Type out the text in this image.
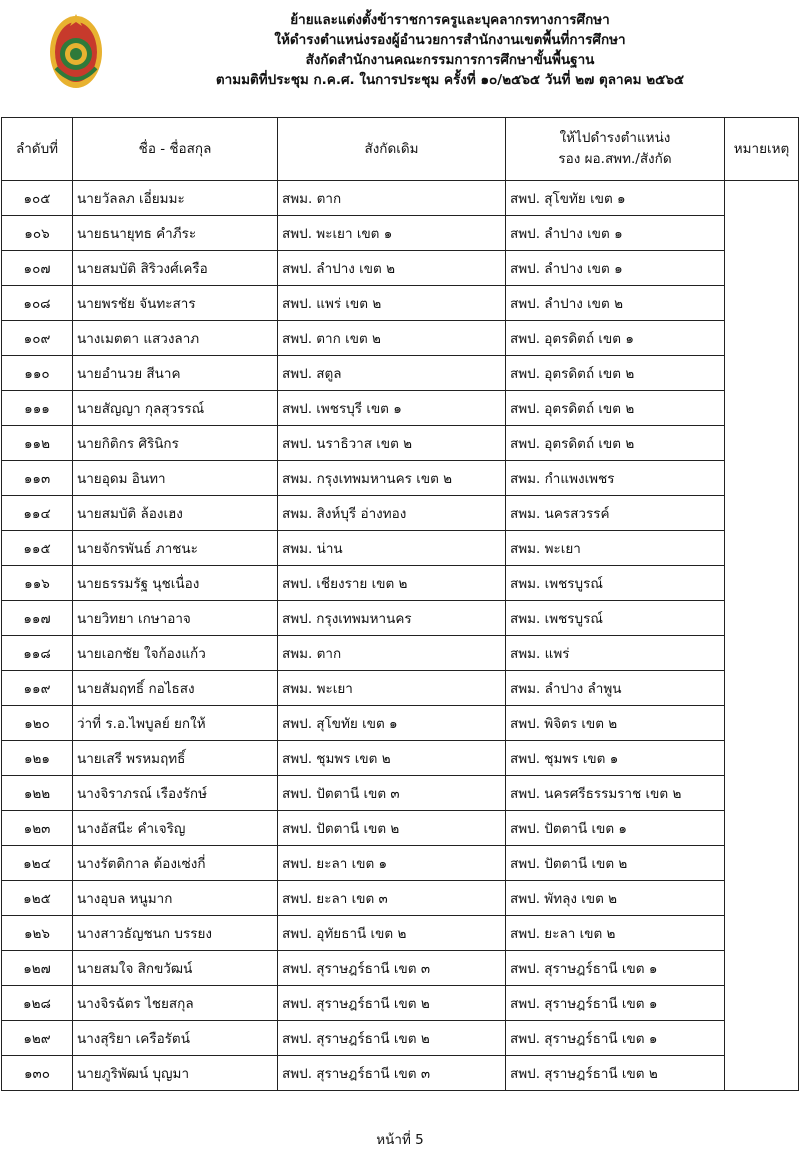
ย้ายและแต่งตั้งข้าราชการครูและบุคลากรทางการศึกษา
ให้ดำรงตำแหน่งรองผู้อำนวยการสำนักงานเขตพื้นที่การศึกษา
สังกัดสำนักงานคณะกรรมการการศึกษาขั้นพื้นฐาน
ตามมติที่ประชุม ก.ค.ศ. ในการประชุม ครั้งที่ ๑๐/๒๕๖๕ วันที่ ๒๗ ตุลาคม ๒๕๖๕
ลำดับที่	ชื่อ - ชื่อสกุล	สังกัดเดิม	ให้ไปดำรงตำแหน่ง
รอง ผอ.สพท./สังกัด	หมายเหตุ
๑๐๕	นายวัลลภ เอี่ยมมะ	สพม. ตาก	สพป. สุโขทัย เขต ๑	
๑๐๖	นายธนายุทธ คำภีระ	สพป. พะเยา เขต ๑	สพป. ลำปาง เขต ๑	
๑๐๗	นายสมบัติ สิริวงศ์เครือ	สพป. ลำปาง เขต ๒	สพป. ลำปาง เขต ๑	
๑๐๘	นายพรชัย จันทะสาร	สพป. แพร่ เขต ๒	สพป. ลำปาง เขต ๒	
๑๐๙	นางเมตตา แสวงลาภ	สพป. ตาก เขต ๒	สพป. อุตรดิตถ์ เขต ๑	
๑๑๐	นายอำนวย สีนาค	สพป. สตูล	สพป. อุตรดิตถ์ เขต ๒	
๑๑๑	นายสัญญา กุลสุวรรณ์	สพป. เพชรบุรี เขต ๑	สพป. อุตรดิตถ์ เขต ๒	
๑๑๒	นายกิติกร ศิรินิกร	สพป. นราธิวาส เขต ๒	สพป. อุตรดิตถ์ เขต ๒	
๑๑๓	นายอุดม อินทา	สพม. กรุงเทพมหานคร เขต ๒	สพม. กำแพงเพชร	
๑๑๔	นายสมบัติ ล้องเฮง	สพม. สิงห์บุรี อ่างทอง	สพม. นครสวรรค์	
๑๑๕	นายจักรพันธ์ ภาชนะ	สพม. น่าน	สพม. พะเยา	
๑๑๖	นายธรรมรัฐ นุชเนื่อง	สพป. เชียงราย เขต ๒	สพม. เพชรบูรณ์	
๑๑๗	นายวิทยา เกษาอาจ	สพป. กรุงเทพมหานคร	สพม. เพชรบูรณ์	
๑๑๘	นายเอกชัย ใจก้องแก้ว	สพม. ตาก	สพม. แพร่	
๑๑๙	นายสัมฤทธิ์ กอไธสง	สพม. พะเยา	สพม. ลำปาง ลำพูน	
๑๒๐	ว่าที่ ร.อ.ไพบูลย์ ยกให้	สพป. สุโขทัย เขต ๑	สพป. พิจิตร เขต ๒	
๑๒๑	นายเสรี พรหมฤทธิ์	สพป. ชุมพร เขต ๒	สพป. ชุมพร เขต ๑	
๑๒๒	นางจิราภรณ์ เรืองรักษ์	สพป. ปัตตานี เขต ๓	สพป. นครศรีธรรมราช เขต ๒	
๑๒๓	นางอัสนีะ คำเจริญ	สพป. ปัตตานี เขต ๒	สพป. ปัตตานี เขต ๑	
๑๒๔	นางรัตติกาล ต้องเซ่งกี่	สพป. ยะลา เขต ๑	สพป. ปัตตานี เขต ๒	
๑๒๕	นางอุบล หนูมาก	สพป. ยะลา เขต ๓	สพป. พัทลุง เขต ๒	
๑๒๖	นางสาวธัญชนก บรรยง	สพป. อุทัยธานี เขต ๒	สพป. ยะลา เขต ๒	
๑๒๗	นายสมใจ สิกขวัฒน์	สพป. สุราษฎร์ธานี เขต ๓	สพป. สุราษฎร์ธานี เขต ๑	
๑๒๘	นางจิรฉัตร ไชยสกุล	สพป. สุราษฎร์ธานี เขต ๒	สพป. สุราษฎร์ธานี เขต ๑	
๑๒๙	นางสุริยา เครือรัตน์	สพป. สุราษฎร์ธานี เขต ๒	สพป. สุราษฎร์ธานี เขต ๑	
๑๓๐	นายภูริพัฒน์ บุญมา	สพป. สุราษฎร์ธานี เขต ๓	สพป. สุราษฎร์ธานี เขต ๒	
หน้าที่ 5
